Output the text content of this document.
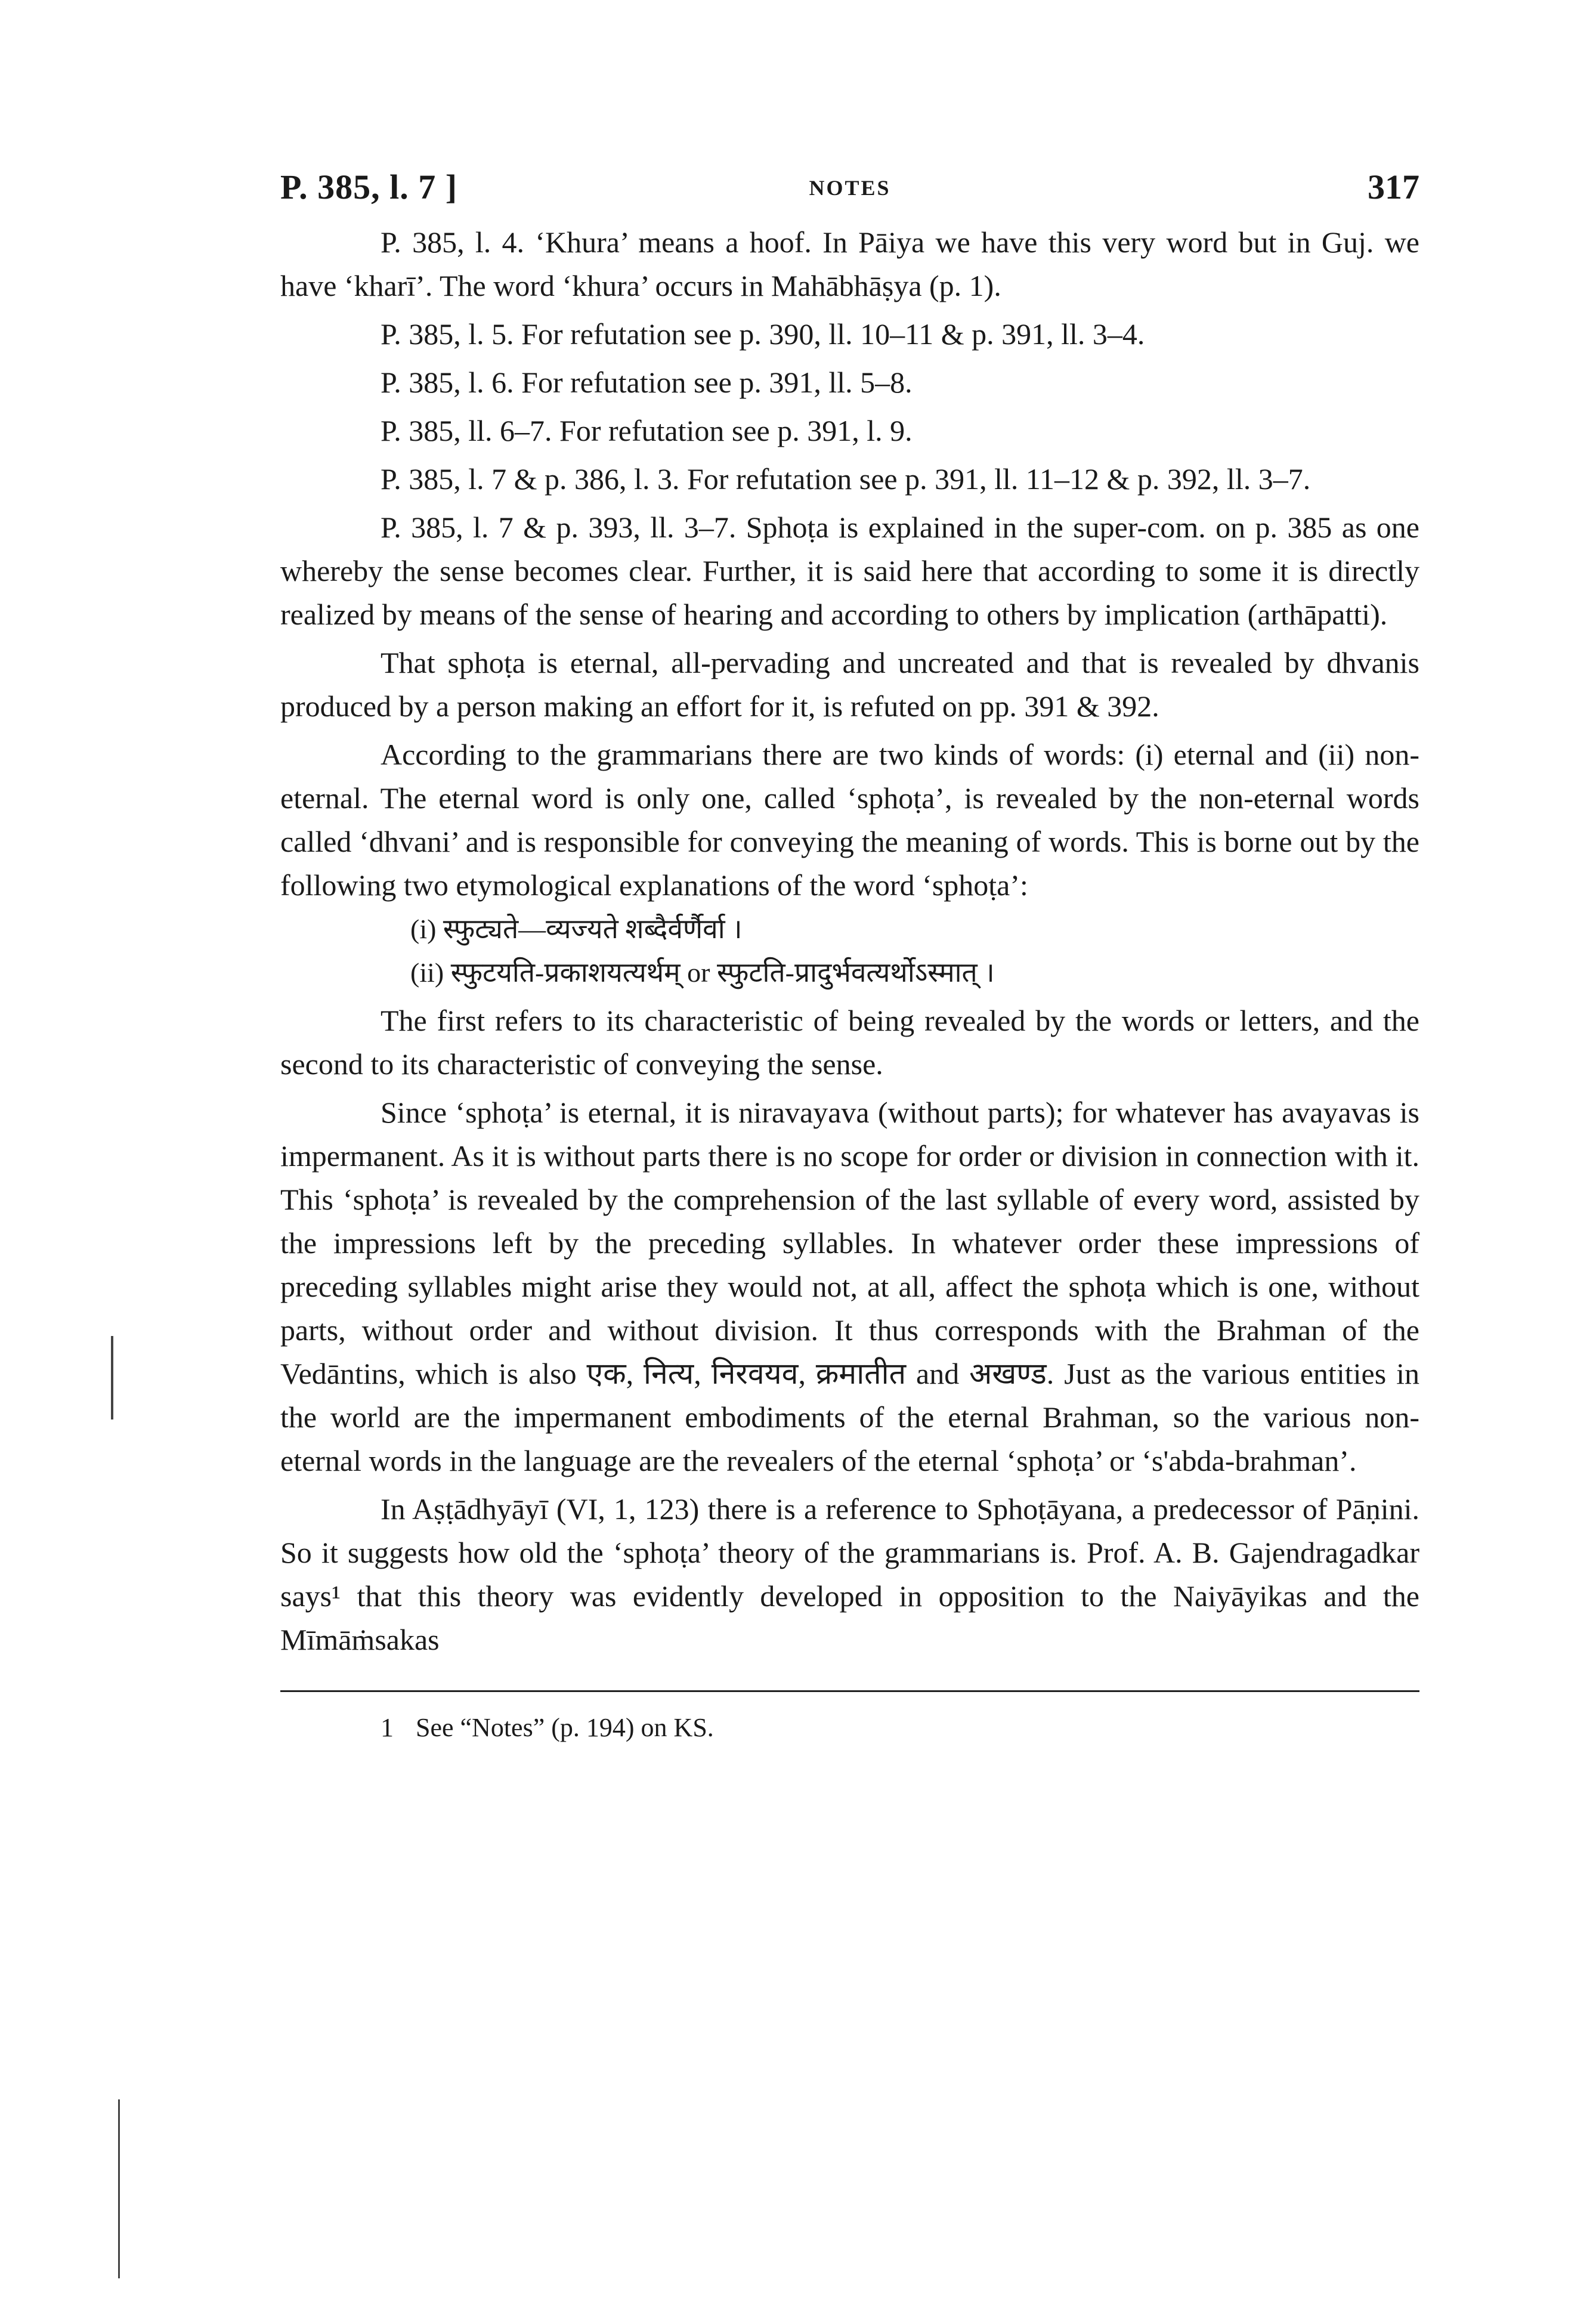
P. 385, l. 7 ]	NOTES	317

P. 385, l. 4. ‘Khura’ means a hoof. In Pāiya we have this very word but in Guj. we have ‘kharī’. The word ‘khura’ occurs in Mahābhāṣya (p. 1).

P. 385, l. 5. For refutation see p. 390, ll. 10–11 & p. 391, ll. 3–4.

P. 385, l. 6. For refutation see p. 391, ll. 5–8.

P. 385, ll. 6–7. For refutation see p. 391, l. 9.

P. 385, l. 7 & p. 386, l. 3. For refutation see p. 391, ll. 11–12 & p. 392, ll. 3–7.

P. 385, l. 7 & p. 393, ll. 3–7. Sphoṭa is explained in the super-com. on p. 385 as one whereby the sense becomes clear. Further, it is said here that according to some it is directly realized by means of the sense of hearing and according to others by implication (arthāpatti).

That sphoṭa is eternal, all-pervading and uncreated and that is revealed by dhvanis produced by a person making an effort for it, is refuted on pp. 391 & 392.

According to the grammarians there are two kinds of words: (i) eternal and (ii) non-eternal. The eternal word is only one, called ‘sphoṭa’, is revealed by the non-eternal words called ‘dhvani’ and is responsible for conveying the meaning of words. This is borne out by the following two etymological explanations of the word ‘sphoṭa’:

(i) स्फुट्यते—व्यज्यते शब्दैर्वर्णैर्वा ।

(ii) स्फुटयति-प्रकाशयत्यर्थम् or स्फुटति-प्रादुर्भवत्यर्थोऽस्मात् ।

The first refers to its characteristic of being revealed by the words or letters, and the second to its characteristic of conveying the sense.

Since ‘sphoṭa’ is eternal, it is niravayava (without parts); for whatever has avayavas is impermanent. As it is without parts there is no scope for order or division in connection with it. This ‘sphoṭa’ is revealed by the comprehension of the last syllable of every word, assisted by the impressions left by the preceding syllables. In whatever order these impressions of preceding syllables might arise they would not, at all, affect the sphoṭa which is one, without parts, without order and without division. It thus corresponds with the Brahman of the Vedāntins, which is also एक, नित्य, निरवयव, क्रमातीत and अखण्ड. Just as the various entities in the world are the impermanent embodiments of the eternal Brahman, so the various non-eternal words in the language are the revealers of the eternal ‘sphoṭa’ or ‘s'abda-brahman’.

In Aṣṭādhyāyī (VI, 1, 123) there is a reference to Sphoṭāyana, a predecessor of Pāṇini. So it suggests how old the ‘sphoṭa’ theory of the grammarians is. Prof. A. B. Gajendragadkar says¹ that this theory was evidently developed in opposition to the Naiyāyikas and the Mīmāṁsakas

1 See “Notes” (p. 194) on KS.
